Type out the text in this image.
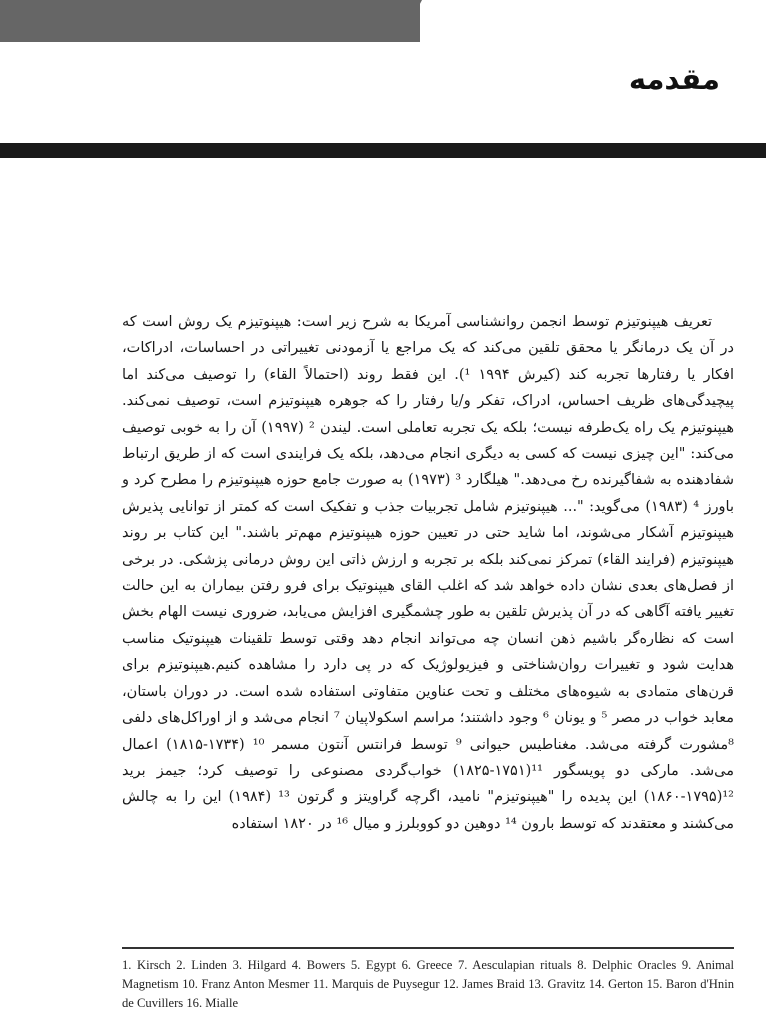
مقدمه

تعریف هیپنوتیزم توسط انجمن روانشناسی آمریکا به شرح زیر است: هیپنوتیزم یک روش است که در آن یک درمانگر یا محقق تلقین می‌کند که یک مراجع یا آزمودنی تغییراتی در احساسات، ادراکات، افکار یا رفتارها تجربه کند (کیرش ۱۹۹۴ ¹). این فقط روند (احتمالاً القاء) را توصیف می‌کند اما پیچیدگی‌های ظریف احساس، ادراک، تفکر و/یا رفتار را که جوهره هیپنوتیزم است، توصیف نمی‌کند. هیپنوتیزم یک راه یک‌طرفه نیست؛ بلکه یک تجربه تعاملی است. لیندن ² (۱۹۹۷) آن را به خوبی توصیف می‌کند: "این چیزی نیست که کسی به دیگری انجام می‌دهد، بلکه یک فرایندی است که از طریق ارتباط شفادهنده به شفاگیرنده رخ می‌دهد." هیلگارد ³ (۱۹۷۳) به صورت جامع حوزه هیپنوتیزم را مطرح کرد و باورز ⁴ (۱۹۸۳) می‌گوید: "... هیپنوتیزم شامل تجربیات جذب و تفکیک است که کمتر از توانایی پذیرش هیپنوتیزم آشکار می‌شوند، اما شاید حتی در تعیین حوزه هیپنوتیزم مهم‌تر باشند." این کتاب بر روند هیپنوتیزم (فرایند القاء) تمرکز نمی‌کند بلکه بر تجربه و ارزش ذاتی این روش درمانی پزشکی. در برخی از فصل‌های بعدی نشان داده خواهد شد که اغلب القای هیپنوتیک برای فرو رفتن بیماران به این حالت تغییر یافته آگاهی که در آن پذیرش تلقین به طور چشمگیری افزایش می‌یابد، ضروری نیست الهام بخش است که نظاره‌گر باشیم ذهن انسان چه می‌تواند انجام دهد وقتی توسط تلقینات هیپنوتیک مناسب هدایت شود و تغییرات روان‌شناختی و فیزیولوژیک که در پی دارد را مشاهده کنیم.هیپنوتیزم برای قرن‌های متمادی به شیوه‌های مختلف و تحت عناوین متفاوتی استفاده شده است. در دوران باستان، معابد خواب در مصر ⁵ و یونان ⁶ وجود داشتند؛ مراسم اسکولاپیان ⁷ انجام می‌شد و از اوراکل‌های دلفی ⁸مشورت گرفته می‌شد. مغناطیس حیوانی ⁹ توسط فرانتس آنتون مسمر ¹⁰ (۱۷۳۴-۱۸۱۵) اعمال می‌شد. مارکی دو پویسگور ¹¹(۱۷۵۱-۱۸۲۵) خواب‌گردی مصنوعی را توصیف کرد؛ جیمز برید ¹²(۱۷۹۵-۱۸۶۰) این پدیده را "هیپنوتیزم" نامید، اگرچه گراویتز و گرتون ¹³ (۱۹۸۴) این را به چالش می‌کشند و معتقدند که توسط بارون ¹⁴ دوهین دو کووبلرز و میال ¹⁶ در ۱۸۲۰ استفاده

1. Kirsch 2. Linden 3. Hilgard 4. Bowers 5. Egypt 6. Greece 7. Aesculapian rituals 8. Delphic Oracles 9. Animal Magnetism 10. Franz Anton Mesmer 11. Marquis de Puysegur 12. James Braid 13. Gravitz 14. Gerton 15. Baron d'Hnin de Cuvillers 16. Mialle
